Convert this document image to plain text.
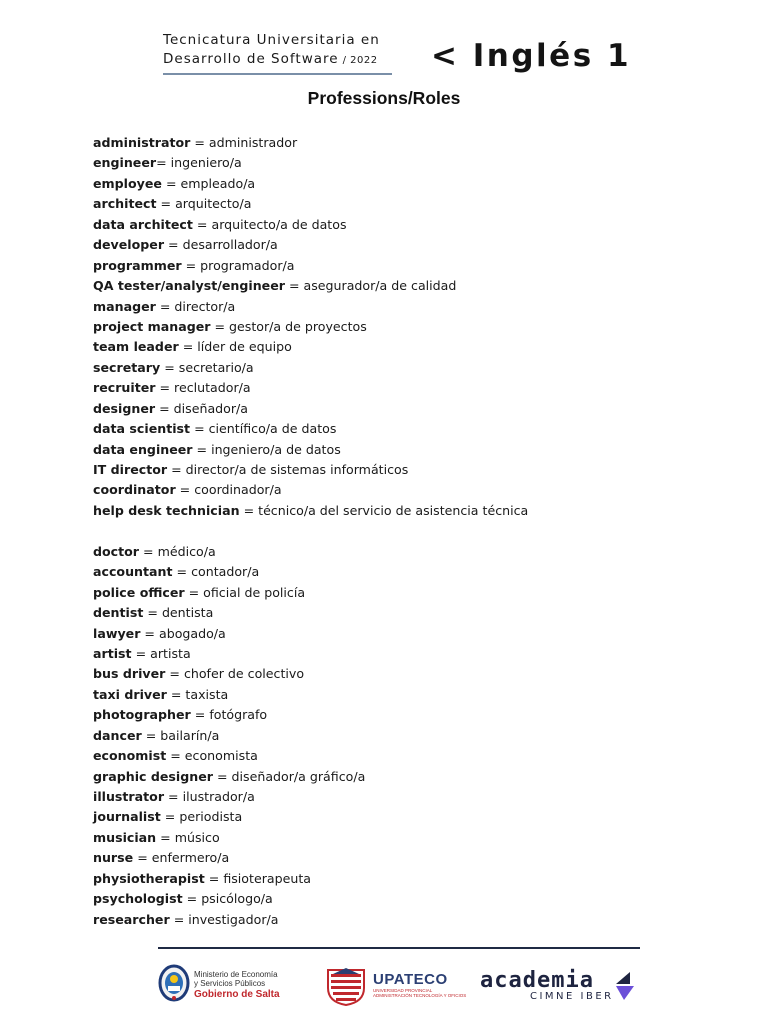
Tecnicatura Universitaria en
Desarrollo de Software / 2022	< Inglés 1
Professions/Roles
administrator = administrador
engineer= ingeniero/a
employee = empleado/a
architect = arquitecto/a
data architect = arquitecto/a de datos
developer = desarrollador/a
programmer = programador/a
QA tester/analyst/engineer = asegurador/a de calidad
manager = director/a
project manager = gestor/a de proyectos
team leader = líder de equipo
secretary = secretario/a
recruiter = reclutador/a
designer = diseñador/a
data scientist = científico/a de datos
data engineer = ingeniero/a de datos
IT director = director/a de sistemas informáticos
coordinator = coordinador/a
help desk technician = técnico/a del servicio de asistencia técnica
doctor = médico/a
accountant = contador/a
police officer = oficial de policía
dentist = dentista
lawyer = abogado/a
artist = artista
bus driver = chofer de colectivo
taxi driver = taxista
photographer = fotógrafo
dancer = bailarín/a
economist = economista
graphic designer = diseñador/a gráfico/a
illustrator = ilustrador/a
journalist = periodista
musician = músico
nurse = enfermero/a
physiotherapist = fisioterapeuta
psychologist = psicólogo/a
researcher = investigador/a
Ministerio de Economía
y Servicios Públicos
Gobierno de Salta
UPATECO
UNIVERSIDAD PROVINCIAL
ADMINISTRACIÓN TECNOLOGÍA Y OFICIOS
academia
CIMNE IBER
